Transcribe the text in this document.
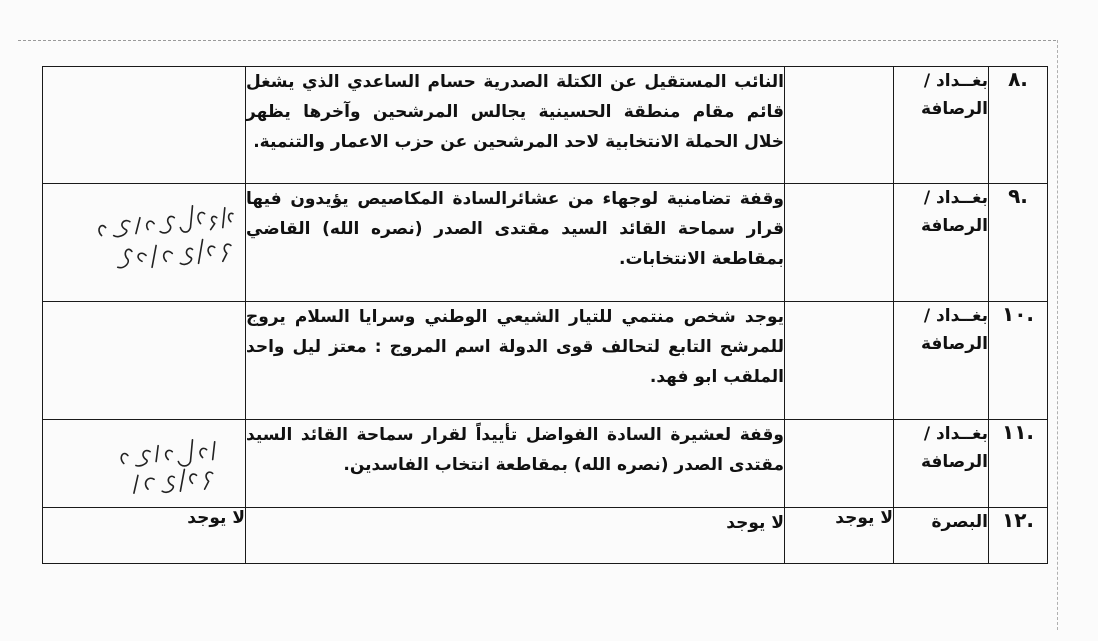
.٨	بغــداد /
الرصافة		النائب المستقيل عن الكتلة الصدرية حسام الساعدي الذي يشغل قائم مقام منطقة الحسينية يجالس المرشحين وآخرها يظهر خلال الحملة الانتخابية لاحد المرشحين عن حزب الاعمار والتنمية.	
.٩	بغــداد /
الرصافة		وقفة تضامنية لوجهاء من عشائرالسادة المكاصيص يؤيدون فيها قرار سماحة القائد السيد مقتدى الصدر (نصره الله) القاضي بمقاطعة الانتخابات.	

.١٠	بغــداد /
الرصافة		يوجد شخص منتمي للتيار الشيعي الوطني وسرايا السلام يروج للمرشح التابع لتحالف قوى الدولة اسم المروج : معتز ليل واحد الملقب ابو فهد.	
.١١	بغــداد /
الرصافة		وقفة لعشيرة السادة الفواضل تأييداً لقرار سماحة القائد السيد مقتدى الصدر (نصره الله) بمقاطعة انتخاب الفاسدين.	

.١٢	البصرة	لا يوجد	لا يوجد	لا يوجد
